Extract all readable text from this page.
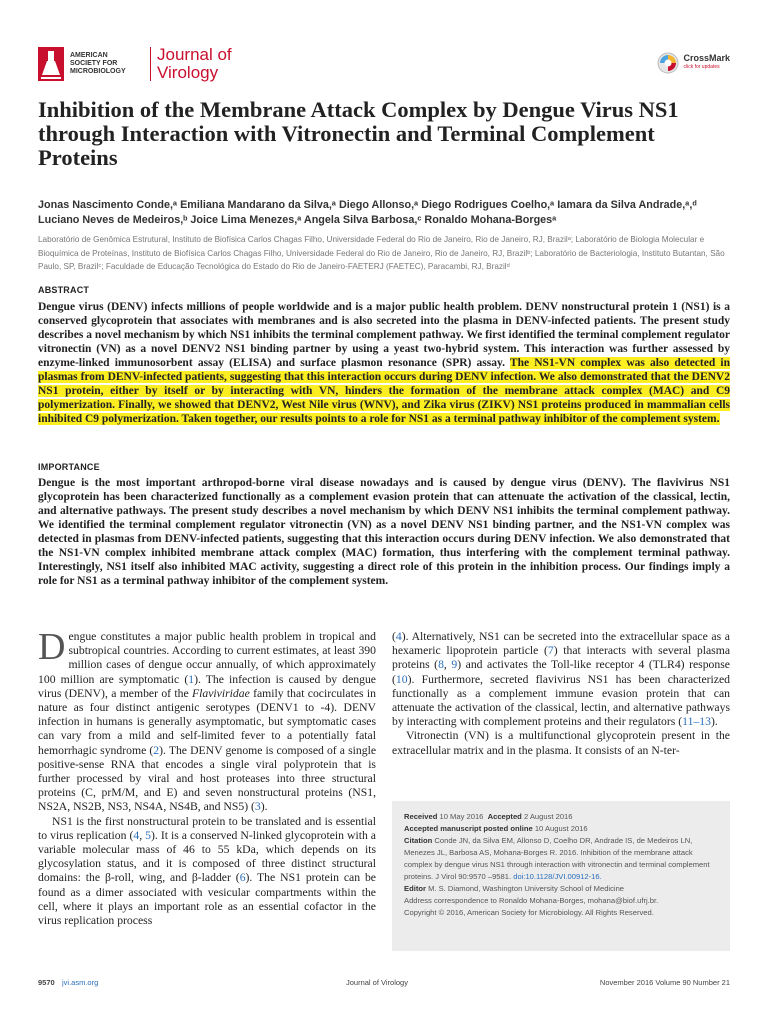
AMERICAN
SOCIETY FOR
MICROBIOLOGY
Journal of
Virology
CrossMark
click for updates
Inhibition of the Membrane Attack Complex by Dengue Virus NS1 through Interaction with Vitronectin and Terminal Complement Proteins
Jonas Nascimento Conde,ᵃ Emiliana Mandarano da Silva,ᵃ Diego Allonso,ᵃ Diego Rodrigues Coelho,ᵃ Iamara da Silva Andrade,ᵃ,ᵈ
Luciano Neves de Medeiros,ᵇ Joice Lima Menezes,ᵃ Angela Silva Barbosa,ᶜ Ronaldo Mohana-Borgesᵃ
Laboratório de Genômica Estrutural, Instituto de Biofísica Carlos Chagas Filho, Universidade Federal do Rio de Janeiro, Rio de Janeiro, RJ, Brazilᵃ; Laboratório de Biologia Molecular e Bioquímica de Proteínas, Instituto de Biofísica Carlos Chagas Filho, Universidade Federal do Rio de Janeiro, Rio de Janeiro, RJ, Brazilᵇ; Laboratório de Bacteriologia, Instituto Butantan, São Paulo, SP, Brazilᶜ; Faculdade de Educação Tecnológica do Estado do Rio de Janeiro-FAETERJ (FAETEC), Paracambi, RJ, Brazilᵈ
ABSTRACT
Dengue virus (DENV) infects millions of people worldwide and is a major public health problem. DENV nonstructural protein 1 (NS1) is a conserved glycoprotein that associates with membranes and is also secreted into the plasma in DENV-infected patients. The present study describes a novel mechanism by which NS1 inhibits the terminal complement pathway. We first identified the terminal complement regulator vitronectin (VN) as a novel DENV2 NS1 binding partner by using a yeast two-hybrid system. This interaction was further assessed by enzyme-linked immunosorbent assay (ELISA) and surface plasmon resonance (SPR) assay. The NS1-VN complex was also detected in plasmas from DENV-infected patients, suggesting that this interaction occurs during DENV infection. We also demonstrated that the DENV2 NS1 protein, either by itself or by interacting with VN, hinders the formation of the membrane attack complex (MAC) and C9 polymerization. Finally, we showed that DENV2, West Nile virus (WNV), and Zika virus (ZIKV) NS1 proteins produced in mammalian cells inhibited C9 polymerization. Taken together, our results points to a role for NS1 as a terminal pathway inhibitor of the complement system.
IMPORTANCE
Dengue is the most important arthropod-borne viral disease nowadays and is caused by dengue virus (DENV). The flavivirus NS1 glycoprotein has been characterized functionally as a complement evasion protein that can attenuate the activation of the classical, lectin, and alternative pathways. The present study describes a novel mechanism by which DENV NS1 inhibits the terminal complement pathway. We identified the terminal complement regulator vitronectin (VN) as a novel DENV NS1 binding partner, and the NS1-VN complex was detected in plasmas from DENV-infected patients, suggesting that this interaction occurs during DENV infection. We also demonstrated that the NS1-VN complex inhibited membrane attack complex (MAC) formation, thus interfering with the complement terminal pathway. Interestingly, NS1 itself also inhibited MAC activity, suggesting a direct role of this protein in the inhibition process. Our findings imply a role for NS1 as a terminal pathway inhibitor of the complement system.

Dengue constitutes a major public health problem in tropical and subtropical countries. According to current estimates, at least 390 million cases of dengue occur annually, of which approximately 100 million are symptomatic (1). The infection is caused by dengue virus (DENV), a member of the Flaviviridae family that cocirculates in nature as four distinct antigenic serotypes (DENV1 to -4). DENV infection in humans is generally asymptomatic, but symptomatic cases can vary from a mild and self-limited fever to a potentially fatal hemorrhagic syndrome (2). The DENV genome is composed of a single positive-sense RNA that encodes a single viral polyprotein that is further processed by viral and host proteases into three structural proteins (C, prM/M, and E) and seven nonstructural proteins (NS1, NS2A, NS2B, NS3, NS4A, NS4B, and NS5) (3).

NS1 is the first nonstructural protein to be translated and is essential to virus replication (4, 5). It is a conserved N-linked glycoprotein with a variable molecular mass of 46 to 55 kDa, which depends on its glycosylation status, and it is composed of three distinct structural domains: the β-roll, wing, and β-ladder (6). The NS1 protein can be found as a dimer associated with vesicular compartments within the cell, where it plays an important role as an essential cofactor in the virus replication process

(4). Alternatively, NS1 can be secreted into the extracellular space as a hexameric lipoprotein particle (7) that interacts with several plasma proteins (8, 9) and activates the Toll-like receptor 4 (TLR4) response (10). Furthermore, secreted flavivirus NS1 has been characterized functionally as a complement immune evasion protein that can attenuate the activation of the classical, lectin, and alternative pathways by interacting with complement proteins and their regulators (11–13).

Vitronectin (VN) is a multifunctional glycoprotein present in the extracellular matrix and in the plasma. It consists of an N-ter-

Received 10 May 2016 Accepted 2 August 2016
Accepted manuscript posted online 10 August 2016
Citation Conde JN, da Silva EM, Allonso D, Coelho DR, Andrade IS, de Medeiros LN, Menezes JL, Barbosa AS, Mohana-Borges R. 2016. Inhibition of the membrane attack complex by dengue virus NS1 through interaction with vitronectin and terminal complement proteins. J Virol 90:9570 –9581. doi:10.1128/JVI.00912-16.
Editor M. S. Diamond, Washington University School of Medicine
Address correspondence to Ronaldo Mohana-Borges, mohana@biof.ufrj.br.
Copyright © 2016, American Society for Microbiology. All Rights Reserved.
9570 jvi.asm.org	Journal of Virology	November 2016 Volume 90 Number 21
